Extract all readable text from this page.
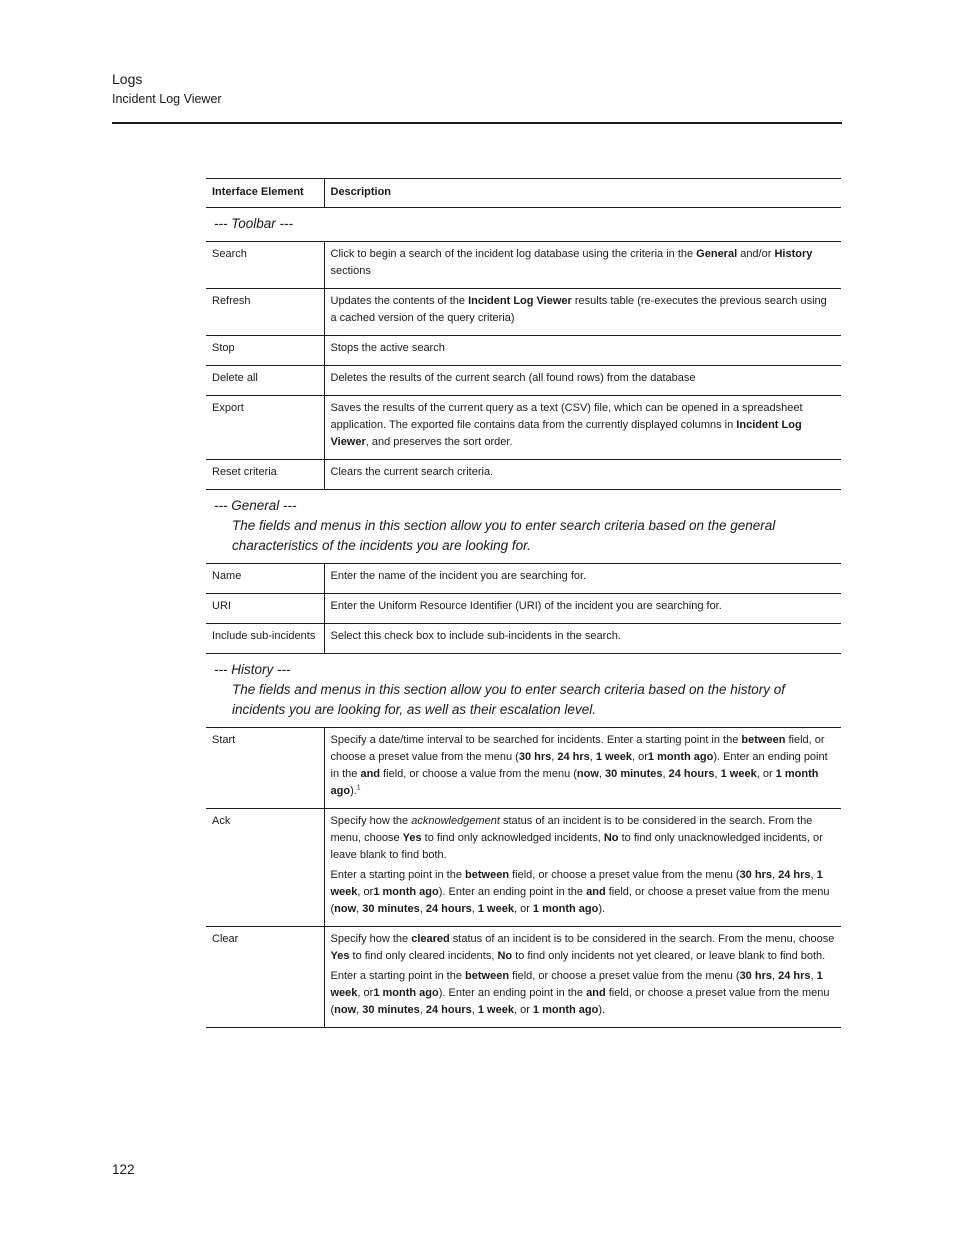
Logs
Incident Log Viewer
Interface Element	Description

--- Toolbar ---	

Search	Click to begin a search of the incident log database using the criteria in the General and/or History sections
Refresh	Updates the contents of the Incident Log Viewer results table (re-executes the previous search using a cached version of the query criteria)
Stop	Stops the active search
Delete all	Deletes the results of the current search (all found rows) from the database
Export	Saves the results of the current query as a text (CSV) file, which can be opened in a spreadsheet application. The exported file contains data from the currently displayed columns in Incident Log Viewer, and preserves the sort order.
Reset criteria	Clears the current search criteria.

--- General ---
The fields and menus in this section allow you to enter search criteria based on the general characteristics of the incidents you are looking for.	

Name	Enter the name of the incident you are searching for.
URI	Enter the Uniform Resource Identifier (URI) of the incident you are searching for.
Include sub-incidents	Select this check box to include sub-incidents in the search.

--- History ---
The fields and menus in this section allow you to enter search criteria based on the history of incidents you are looking for, as well as their escalation level.	

Start	Specify a date/time interval to be searched for incidents. Enter a starting point in the between field, or choose a preset value from the menu (30 hrs, 24 hrs, 1 week, or1 month ago). Enter an ending point in the and field, or choose a value from the menu (now, 30 minutes, 24 hours, 1 week, or 1 month ago).$^1$
Ack	Specify how the acknowledgement status of an incident is to be considered in the search. From the menu, choose Yes to find only acknowledged incidents, No to find only unacknowledged incidents, or leave blank to find both.
Enter a starting point in the between field, or choose a preset value from the menu (30 hrs, 24 hrs, 1 week, or1 month ago). Enter an ending point in the and field, or choose a preset value from the menu (now, 30 minutes, 24 hours, 1 week, or 1 month ago).

Clear	Specify how the cleared status of an incident is to be considered in the search. From the menu, choose Yes to find only cleared incidents, No to find only incidents not yet cleared, or leave blank to find both.
Enter a starting point in the between field, or choose a preset value from the menu (30 hrs, 24 hrs, 1 week, or1 month ago). Enter an ending point in the and field, or choose a preset value from the menu (now, 30 minutes, 24 hours, 1 week, or 1 month ago).
122
